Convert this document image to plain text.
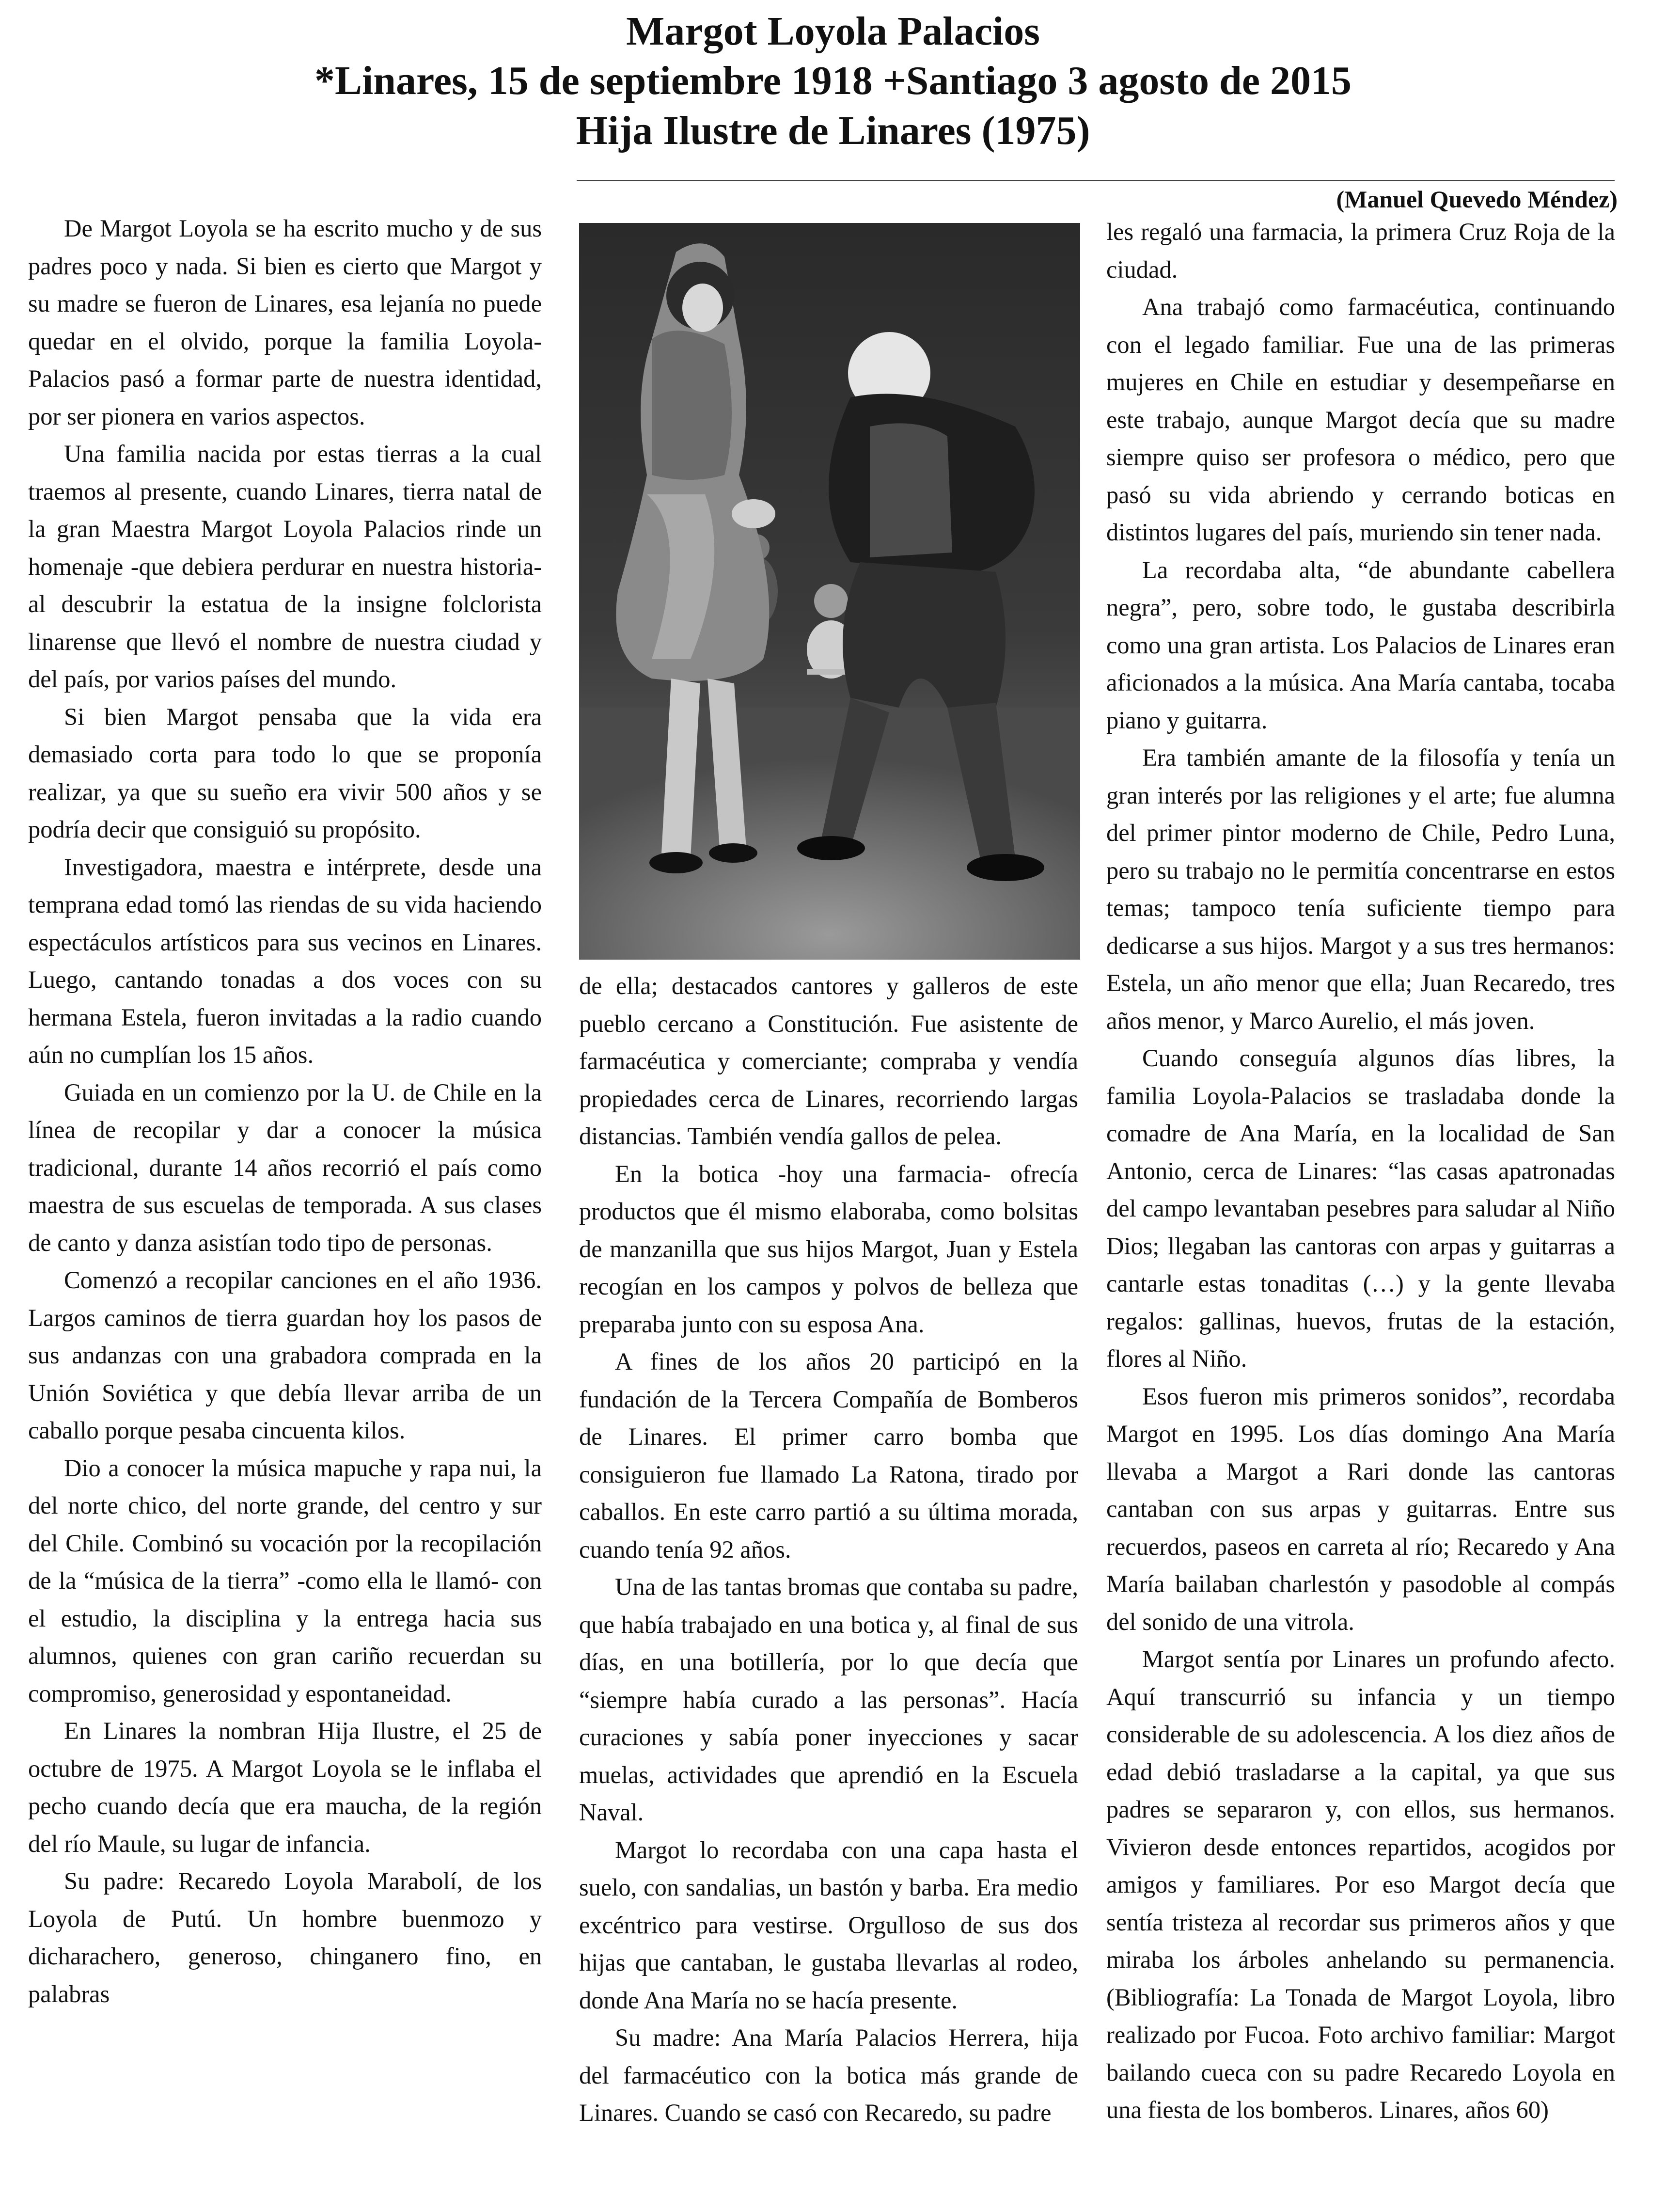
Margot Loyola Palacios
*Linares, 15 de septiembre 1918 +Santiago 3 agosto de 2015
Hija Ilustre de Linares (1975)
(Manuel Quevedo Méndez)

De Margot Loyola se ha escrito mucho y de sus padres poco y nada. Si bien es cierto que Margot y su madre se fueron de Linares, esa lejanía no puede quedar en el olvido, porque la familia Loyola-Palacios pasó a formar parte de nuestra identidad, por ser pionera en varios aspectos.

Una familia nacida por estas tierras a la cual traemos al presente, cuando Linares, tierra natal de la gran Maestra Margot Loyola Palacios rinde un homenaje -que debiera perdurar en nuestra historia- al descubrir la estatua de la insigne folclorista linarense que llevó el nombre de nuestra ciudad y del país, por varios países del mundo.

Si bien Margot pensaba que la vida era demasiado corta para todo lo que se proponía realizar, ya que su sueño era vivir 500 años y se podría decir que consiguió su propósito.

Investigadora, maestra e intérprete, desde una temprana edad tomó las riendas de su vida haciendo espectáculos artísticos para sus vecinos en Linares. Luego, cantando tonadas a dos voces con su hermana Estela, fueron invitadas a la radio cuando aún no cumplían los 15 años.

Guiada en un comienzo por la U. de Chile en la línea de recopilar y dar a conocer la música tradicional, durante 14 años recorrió el país como maestra de sus escuelas de temporada. A sus clases de canto y danza asistían todo tipo de personas.

Comenzó a recopilar canciones en el año 1936. Largos caminos de tierra guardan hoy los pasos de sus andanzas con una grabadora comprada en la Unión Soviética y que debía llevar arriba de un caballo porque pesaba cincuenta kilos.

Dio a conocer la música mapuche y rapa nui, la del norte chico, del norte grande, del centro y sur del Chile. Combinó su vocación por la recopilación de la “música de la tierra” -como ella le llamó- con el estudio, la disciplina y la entrega hacia sus alumnos, quienes con gran cariño recuerdan su compromiso, generosidad y espontaneidad.

En Linares la nombran Hija Ilustre, el 25 de octubre de 1975. A Margot Loyola se le inflaba el pecho cuando decía que era maucha, de la región del río Maule, su lugar de infancia.

Su padre: Recaredo Loyola Marabolí, de los Loyola de Putú. Un hombre buenmozo y dicharachero, generoso, chinganero fino, en palabras

de ella; destacados cantores y galleros de este pueblo cercano a Constitución. Fue asistente de farmacéutica y comerciante; compraba y vendía propiedades cerca de Linares, recorriendo largas distancias. También vendía gallos de pelea.

En la botica -hoy una farmacia- ofrecía productos que él mismo elaboraba, como bolsitas de manzanilla que sus hijos Margot, Juan y Estela recogían en los campos y polvos de belleza que preparaba junto con su esposa Ana.

A fines de los años 20 participó en la fundación de la Tercera Compañía de Bomberos de Linares. El primer carro bomba que consiguieron fue llamado La Ratona, tirado por caballos. En este carro partió a su última morada, cuando tenía 92 años.

Una de las tantas bromas que contaba su padre, que había trabajado en una botica y, al final de sus días, en una botillería, por lo que decía que “siempre había curado a las personas”. Hacía curaciones y sabía poner inyecciones y sacar muelas, actividades que aprendió en la Escuela Naval.

Margot lo recordaba con una capa hasta el suelo, con sandalias, un bastón y barba. Era medio excéntrico para vestirse. Orgulloso de sus dos hijas que cantaban, le gustaba llevarlas al rodeo, donde Ana María no se hacía presente.

Su madre: Ana María Palacios Herrera, hija del farmacéutico con la botica más grande de Linares. Cuando se casó con Recaredo, su padre

les regaló una farmacia, la primera Cruz Roja de la ciudad.

Ana trabajó como farmacéutica, continuando con el legado familiar. Fue una de las primeras mujeres en Chile en estudiar y desempeñarse en este trabajo, aunque Margot decía que su madre siempre quiso ser profesora o médico, pero que pasó su vida abriendo y cerrando boticas en distintos lugares del país, muriendo sin tener nada.

La recordaba alta, “de abundante cabellera negra”, pero, sobre todo, le gustaba describirla como una gran artista. Los Palacios de Linares eran aficionados a la música. Ana María cantaba, tocaba piano y guitarra.

Era también amante de la filosofía y tenía un gran interés por las religiones y el arte; fue alumna del primer pintor moderno de Chile, Pedro Luna, pero su trabajo no le permitía concentrarse en estos temas; tampoco tenía suficiente tiempo para dedicarse a sus hijos. Margot y a sus tres hermanos: Estela, un año menor que ella; Juan Recaredo, tres años menor, y Marco Aurelio, el más joven.

Cuando conseguía algunos días libres, la familia Loyola-Palacios se trasladaba donde la comadre de Ana María, en la localidad de San Antonio, cerca de Linares: “las casas apatronadas del campo levantaban pesebres para saludar al Niño Dios; llegaban las cantoras con arpas y guitarras a cantarle estas tonaditas (…) y la gente llevaba regalos: gallinas, huevos, frutas de la estación, flores al Niño.

Esos fueron mis primeros sonidos”, recordaba Margot en 1995. Los días domingo Ana María llevaba a Margot a Rari donde las cantoras cantaban con sus arpas y guitarras. Entre sus recuerdos, paseos en carreta al río; Recaredo y Ana María bailaban charlestón y pasodoble al compás del sonido de una vitrola.

Margot sentía por Linares un profundo afecto. Aquí transcurrió su infancia y un tiempo considerable de su adolescencia. A los diez años de edad debió trasladarse a la capital, ya que sus padres se separaron y, con ellos, sus hermanos. Vivieron desde entonces repartidos, acogidos por amigos y familiares. Por eso Margot decía que sentía tristeza al recordar sus primeros años y que miraba los árboles anhelando su permanencia. (Bibliografía: La Tonada de Margot Loyola, libro realizado por Fucoa. Foto archivo familiar: Margot bailando cueca con su padre Recaredo Loyola en una fiesta de los bomberos. Linares, años 60)
